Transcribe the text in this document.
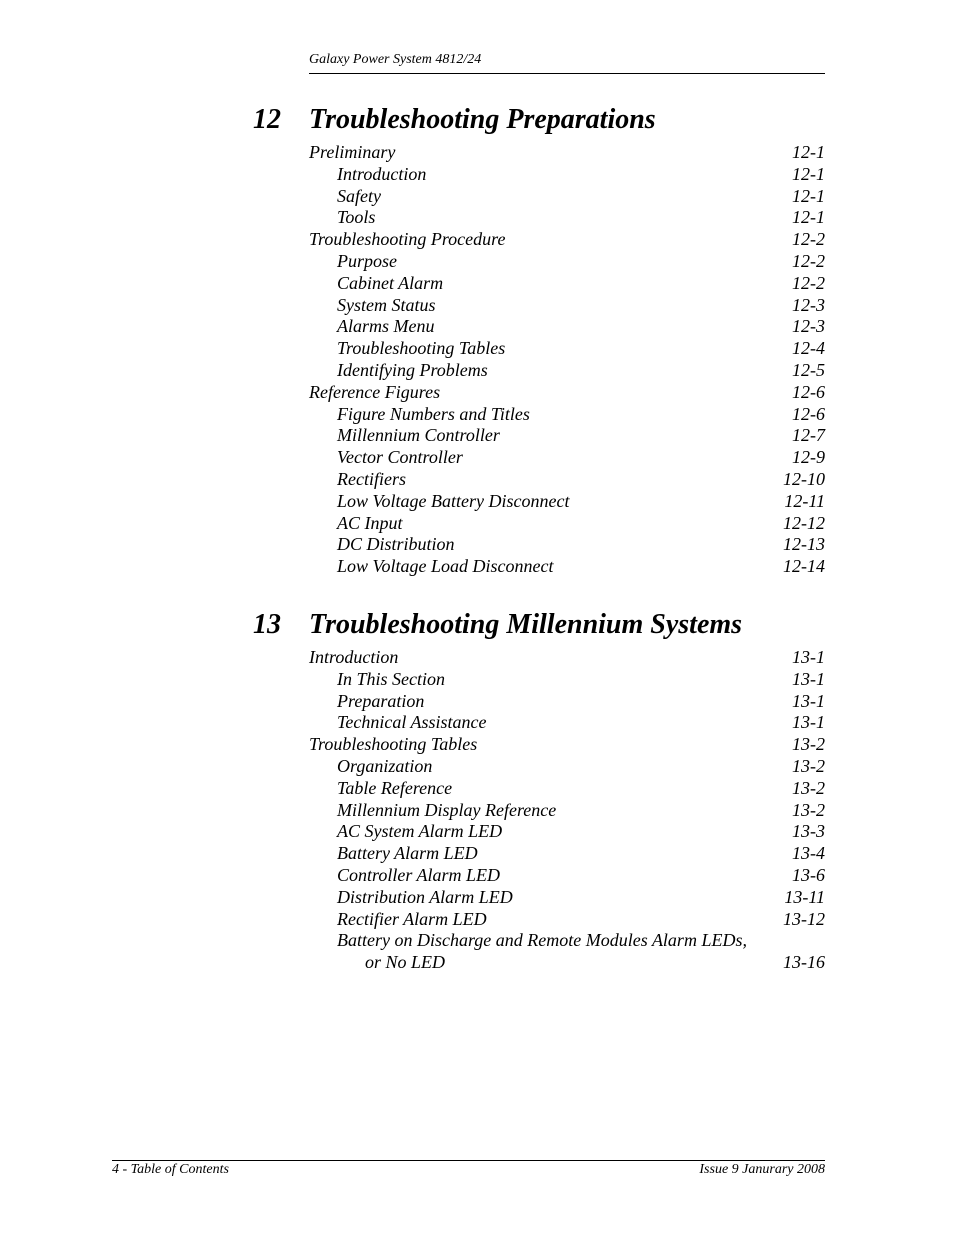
Galaxy Power System 4812/24
12 Troubleshooting Preparations
Preliminary	12-1
Introduction	12-1
Safety	12-1
Tools	12-1
Troubleshooting Procedure	12-2
Purpose	12-2
Cabinet Alarm	12-2
System Status	12-3
Alarms Menu	12-3
Troubleshooting Tables	12-4
Identifying Problems	12-5
Reference Figures	12-6
Figure Numbers and Titles	12-6
Millennium Controller	12-7
Vector Controller	12-9
Rectifiers	12-10
Low Voltage Battery Disconnect	12-11
AC Input	12-12
DC Distribution	12-13
Low Voltage Load Disconnect	12-14
13 Troubleshooting Millennium Systems
Introduction	13-1
In This Section	13-1
Preparation	13-1
Technical Assistance	13-1
Troubleshooting Tables	13-2
Organization	13-2
Table Reference	13-2
Millennium Display Reference	13-2
AC System Alarm LED	13-3
Battery Alarm LED	13-4
Controller Alarm LED	13-6
Distribution Alarm LED	13-11
Rectifier Alarm LED	13-12
Battery on Discharge and Remote Modules Alarm LEDs,
or No LED	13-16
4 - Table of Contents	Issue 9 Janurary 2008
